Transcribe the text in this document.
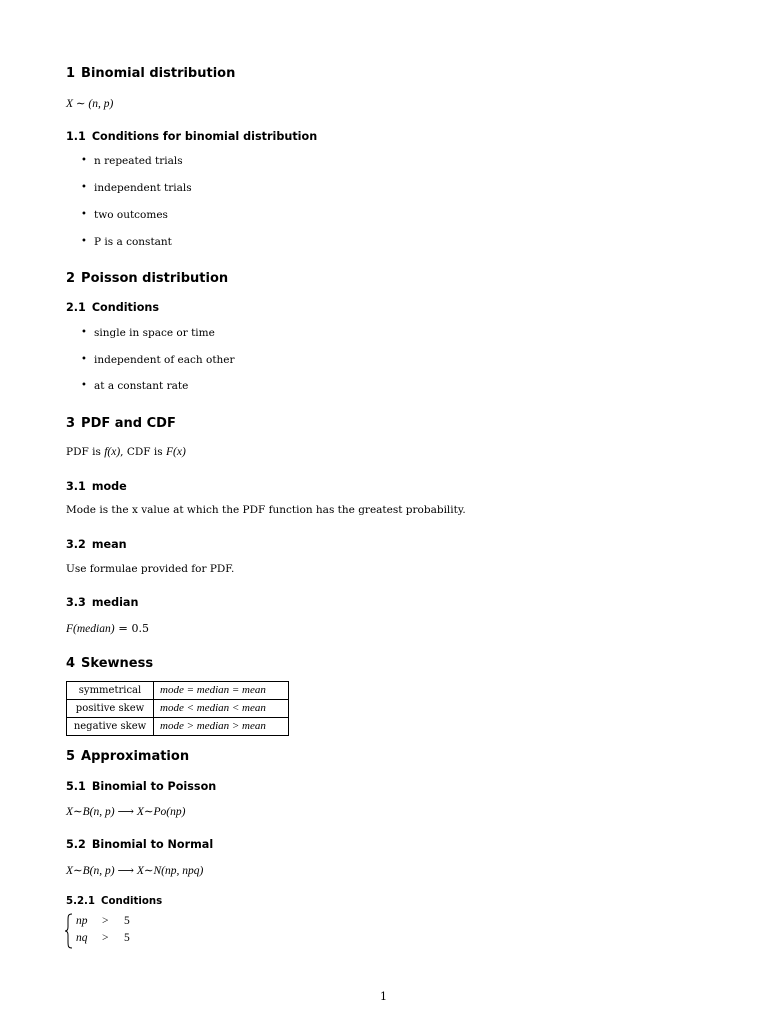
1 Binomial distribution
X ∼ (n, p)
1.1 Conditions for binomial distribution
• n repeated trials
• independent trials
• two outcomes
• P is a constant
2 Poisson distribution
2.1 Conditions
• single in space or time
• independent of each other
• at a constant rate
3 PDF and CDF
PDF is f(x), CDF is F(x)
3.1 mode
Mode is the x value at which the PDF function has the greatest probability.
3.2 mean
Use formulae provided for PDF.
3.3 median
F(median) = 0.5
4 Skewness
symmetrical	mode = median = mean
positive skew	mode < median < mean
negative skew	mode > median > mean
5 Approximation
5.1 Binomial to Poisson
X∼B(n, p) ⟶ X∼Po(np)
5.2 Binomial to Normal
X∼B(n, p) ⟶ X∼N(np, npq)
5.2.1 Conditions
np > 5
nq > 5
1
